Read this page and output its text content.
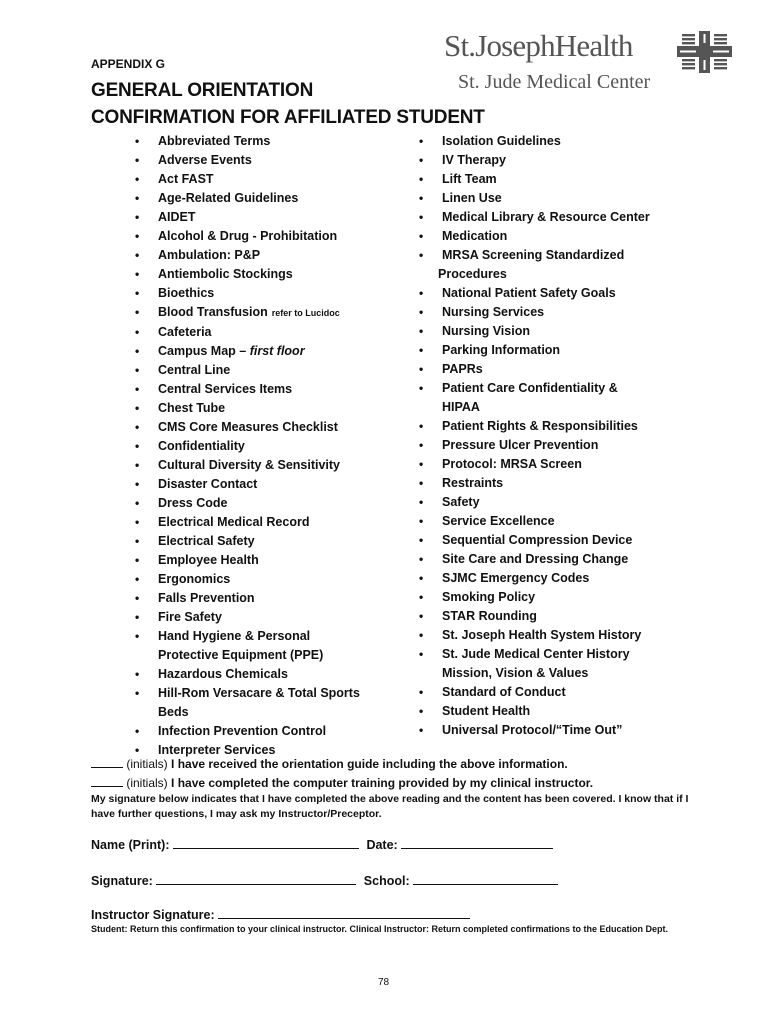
APPENDIX G
GENERAL ORIENTATION
CONFIRMATION FOR AFFILIATED STUDENT
St.JosephHealth
St. Jude Medical Center
• Abbreviated Terms
• Adverse Events
• Act FAST
• Age-Related Guidelines
• AIDET
• Alcohol & Drug - Prohibitation
• Ambulation: P&P
• Antiembolic Stockings
• Bioethics
• Blood Transfusion refer to Lucidoc
• Cafeteria
• Campus Map – first floor
• Central Line
• Central Services Items
• Chest Tube
• CMS Core Measures Checklist
• Confidentiality
• Cultural Diversity & Sensitivity
• Disaster Contact
• Dress Code
• Electrical Medical Record
• Electrical Safety
• Employee Health
• Ergonomics
• Falls Prevention
• Fire Safety
• Hand Hygiene & Personal
Protective Equipment (PPE)
• Hazardous Chemicals
• Hill-Rom Versacare & Total Sports
Beds
• Infection Prevention Control
• Interpreter Services
• Isolation Guidelines
• IV Therapy
• Lift Team
• Linen Use
• Medical Library & Resource Center
• Medication
• MRSA Screening Standardized
Procedures
• National Patient Safety Goals
• Nursing Services
• Nursing Vision
• Parking Information
• PAPRs
• Patient Care Confidentiality &
HIPAA
• Patient Rights & Responsibilities
• Pressure Ulcer Prevention
• Protocol: MRSA Screen
• Restraints
• Safety
• Service Excellence
• Sequential Compression Device
• Site Care and Dressing Change
• SJMC Emergency Codes
• Smoking Policy
• STAR Rounding
• St. Joseph Health System History
• St. Jude Medical Center History
Mission, Vision & Values
• Standard of Conduct
• Student Health
• Universal Protocol/“Time Out”
(initials) I have received the orientation guide including the above information.
(initials) I have completed the computer training provided by my clinical instructor.
My signature below indicates that I have completed the above reading and the content has been covered. I know that if I have further questions, I may ask my Instructor/Preceptor.
Name (Print):	Date:
Signature:	School:
Instructor Signature:
Student: Return this confirmation to your clinical instructor. Clinical Instructor: Return completed confirmations to the Education Dept.
78
